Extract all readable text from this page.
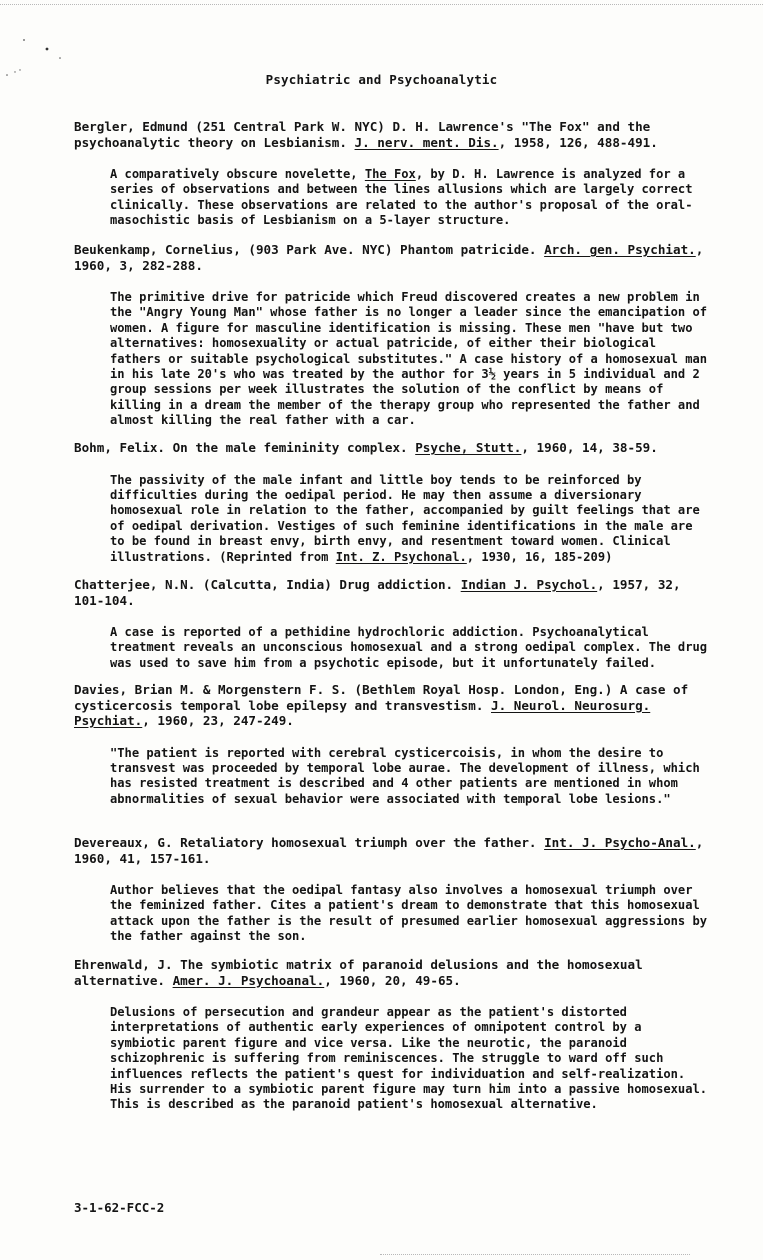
Psychiatric and Psychoanalytic

Bergler, Edmund (251 Central Park W. NYC) D. H. Lawrence's "The Fox" and the psychoanalytic theory on Lesbianism. J. nerv. ment. Dis., 1958, 126, 488-491.

A comparatively obscure novelette, The Fox, by D. H. Lawrence is analyzed for a series of observations and between the lines allusions which are largely correct clinically. These observations are related to the author's proposal of the oral-masochistic basis of Lesbianism on a 5-layer structure.

Beukenkamp, Cornelius, (903 Park Ave. NYC) Phantom patricide. Arch. gen. Psychiat., 1960, 3, 282-288.

The primitive drive for patricide which Freud discovered creates a new problem in the "Angry Young Man" whose father is no longer a leader since the emancipation of women. A figure for masculine identification is missing. These men "have but two alternatives: homosexuality or actual patricide, of either their biological fathers or suitable psychological substitutes." A case history of a homosexual man in his late 20's who was treated by the author for 3½ years in 5 individual and 2 group sessions per week illustrates the solution of the conflict by means of killing in a dream the member of the therapy group who represented the father and almost killing the real father with a car.

Bohm, Felix. On the male femininity complex. Psyche, Stutt., 1960, 14, 38-59.

The passivity of the male infant and little boy tends to be reinforced by difficulties during the oedipal period. He may then assume a diversionary homosexual role in relation to the father, accompanied by guilt feelings that are of oedipal derivation. Vestiges of such feminine identifications in the male are to be found in breast envy, birth envy, and resentment toward women. Clinical illustrations. (Reprinted from Int. Z. Psychonal., 1930, 16, 185-209)

Chatterjee, N.N. (Calcutta, India) Drug addiction. Indian J. Psychol., 1957, 32, 101-104.

A case is reported of a pethidine hydrochloric addiction. Psychoanalytical treatment reveals an unconscious homosexual and a strong oedipal complex. The drug was used to save him from a psychotic episode, but it unfortunately failed.

Davies, Brian M. & Morgenstern F. S. (Bethlem Royal Hosp. London, Eng.) A case of cysticercosis temporal lobe epilepsy and transvestism. J. Neurol. Neurosurg. Psychiat., 1960, 23, 247-249.

"The patient is reported with cerebral cysticercoisis, in whom the desire to transvest was proceeded by temporal lobe aurae. The development of illness, which has resisted treatment is described and 4 other patients are mentioned in whom abnormalities of sexual behavior were associated with temporal lobe lesions."

Devereaux, G. Retaliatory homosexual triumph over the father. Int. J. Psycho-Anal., 1960, 41, 157-161.

Author believes that the oedipal fantasy also involves a homosexual triumph over the feminized father. Cites a patient's dream to demonstrate that this homosexual attack upon the father is the result of presumed earlier homosexual aggressions by the father against the son.

Ehrenwald, J. The symbiotic matrix of paranoid delusions and the homosexual alternative. Amer. J. Psychoanal., 1960, 20, 49-65.

Delusions of persecution and grandeur appear as the patient's distorted interpretations of authentic early experiences of omnipotent control by a symbiotic parent figure and vice versa. Like the neurotic, the paranoid schizophrenic is suffering from reminiscences. The struggle to ward off such influences reflects the patient's quest for individuation and self-realization. His surrender to a symbiotic parent figure may turn him into a passive homosexual. This is described as the paranoid patient's homosexual alternative.

3-1-62-FCC-2
